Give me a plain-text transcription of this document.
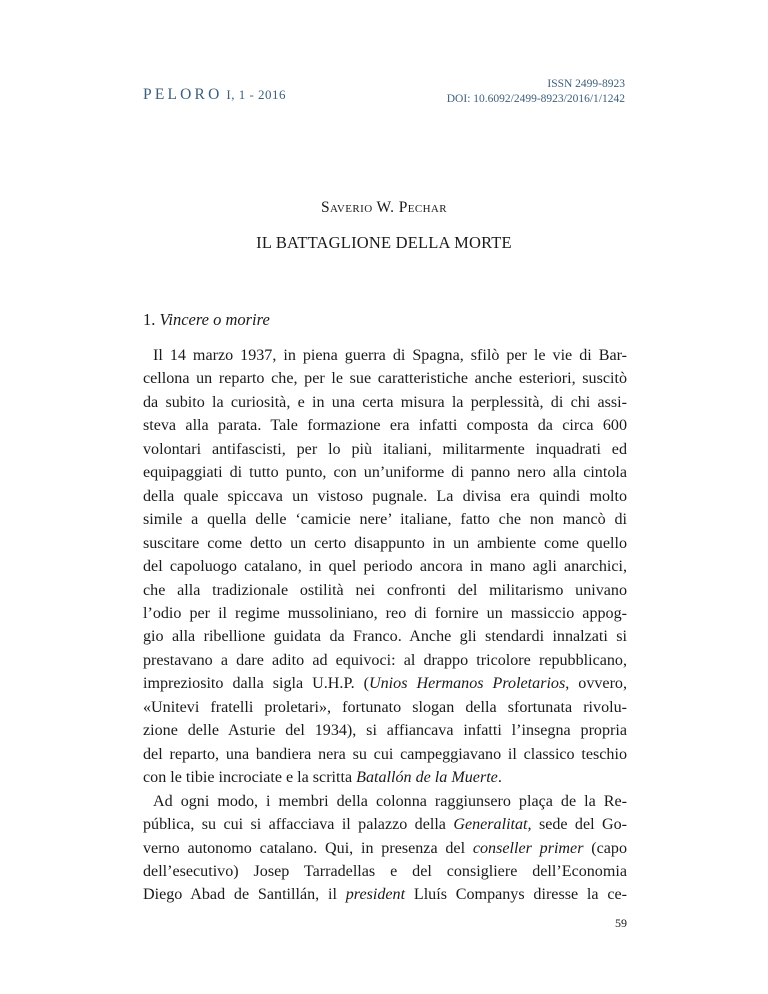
PELORO I, 1 - 2016
ISSN 2499-8923
DOI: 10.6092/2499-8923/2016/1/1242
Saverio W. Pechar
IL BATTAGLIONE DELLA MORTE
1. Vincere o morire
Il 14 marzo 1937, in piena guerra di Spagna, sfilò per le vie di Bar-
cellona un reparto che, per le sue caratteristiche anche esteriori, suscitò
da subito la curiosità, e in una certa misura la perplessità, di chi assi-
steva alla parata. Tale formazione era infatti composta da circa 600
volontari antifascisti, per lo più italiani, militarmente inquadrati ed
equipaggiati di tutto punto, con un’uniforme di panno nero alla cintola
della quale spiccava un vistoso pugnale. La divisa era quindi molto
simile a quella delle ‘camicie nere’ italiane, fatto che non mancò di
suscitare come detto un certo disappunto in un ambiente come quello
del capoluogo catalano, in quel periodo ancora in mano agli anarchici,
che alla tradizionale ostilità nei confronti del militarismo univano
l’odio per il regime mussoliniano, reo di fornire un massiccio appog-
gio alla ribellione guidata da Franco. Anche gli stendardi innalzati si
prestavano a dare adito ad equivoci: al drappo tricolore repubblicano,
impreziosito dalla sigla U.H.P. (Unios Hermanos Proletarios, ovvero,
«Unitevi fratelli proletari», fortunato slogan della sfortunata rivolu-
zione delle Asturie del 1934), si affiancava infatti l’insegna propria
del reparto, una bandiera nera su cui campeggiavano il classico teschio
con le tibie incrociate e la scritta Batallón de la Muerte.
Ad ogni modo, i membri della colonna raggiunsero plaça de la Re-
pública, su cui si affacciava il palazzo della Generalitat, sede del Go-
verno autonomo catalano. Qui, in presenza del conseller primer (capo
dell’esecutivo) Josep Tarradellas e del consigliere dell’Economia
Diego Abad de Santillán, il president Lluís Companys diresse la ce-
59
